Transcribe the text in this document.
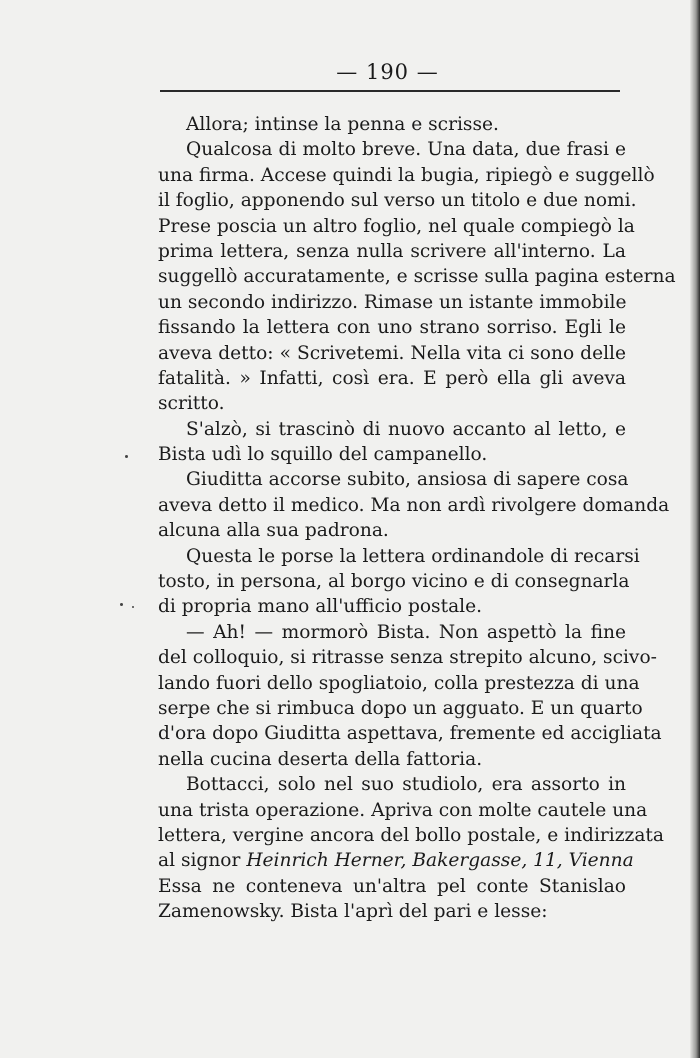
— 190 —
Allora; intinse la penna e scrisse.
Qualcosa di molto breve. Una data, due frasi e
una firma. Accese quindi la bugia, ripiegò e suggellò
il foglio, apponendo sul verso un titolo e due nomi.
Prese poscia un altro foglio, nel quale compiegò la
prima lettera, senza nulla scrivere all'interno. La
suggellò accuratamente, e scrisse sulla pagina esterna
un secondo indirizzo. Rimase un istante immobile
fissando la lettera con uno strano sorriso. Egli le
aveva detto: « Scrivetemi. Nella vita ci sono delle
fatalità. » Infatti, così era. E però ella gli aveva
scritto.
S'alzò, si trascinò di nuovo accanto al letto, e
Bista udì lo squillo del campanello.
Giuditta accorse subito, ansiosa di sapere cosa
aveva detto il medico. Ma non ardì rivolgere domanda
alcuna alla sua padrona.
Questa le porse la lettera ordinandole di recarsi
tosto, in persona, al borgo vicino e di consegnarla
di propria mano all'ufficio postale.
— Ah! — mormorò Bista. Non aspettò la fine
del colloquio, si ritrasse senza strepito alcuno, scivo-
lando fuori dello spogliatoio, colla prestezza di una
serpe che si rimbuca dopo un agguato. E un quarto
d'ora dopo Giuditta aspettava, fremente ed accigliata
nella cucina deserta della fattoria.
Bottacci, solo nel suo studiolo, era assorto in
una trista operazione. Apriva con molte cautele una
lettera, vergine ancora del bollo postale, e indirizzata
al signor Heinrich Herner, Bakergasse, 11, Vienna
Essa ne conteneva un'altra pel conte Stanislao
Zamenowsky. Bista l'aprì del pari e lesse:
